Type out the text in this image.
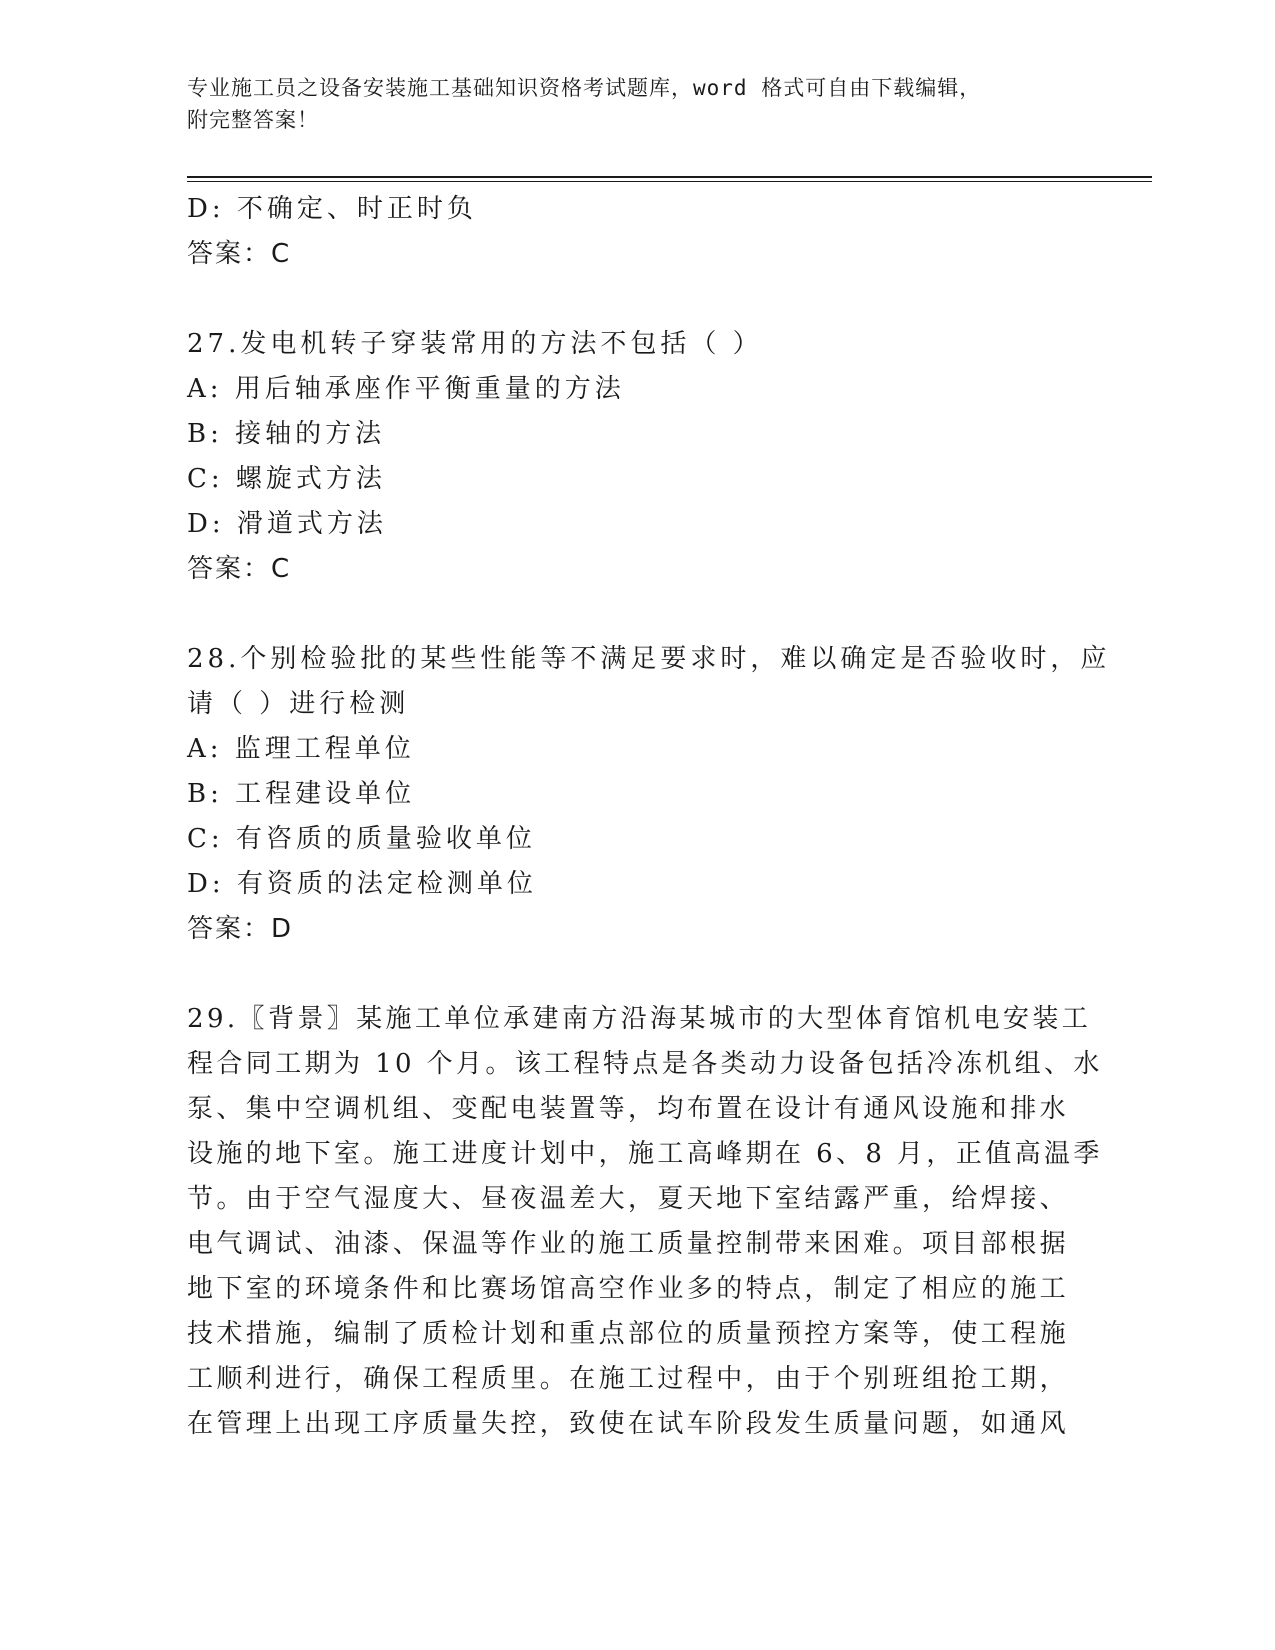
专业施工员之设备安装施工基础知识资格考试题库，word 格式可自由下载编辑，
附完整答案！
D: 不确定、时正时负
答案：C
27.发电机转子穿装常用的方法不包括（ ）
A: 用后轴承座作平衡重量的方法
B: 接轴的方法
C: 螺旋式方法
D: 滑道式方法
答案：C
28.个别检验批的某些性能等不满足要求时，难以确定是否验收时，应
请（ ）进行检测
A: 监理工程单位
B: 工程建设单位
C: 有咨质的质量验收单位
D: 有资质的法定检测单位
答案：D
29.〖背景〗某施工单位承建南方沿海某城市的大型体育馆机电安装工
程合同工期为 10 个月。该工程特点是各类动力设备包括冷冻机组、水
泵、集中空调机组、变配电装置等，均布置在设计有通风设施和排水
设施的地下室。施工进度计划中，施工高峰期在 6、8 月，正值高温季
节。由于空气湿度大、昼夜温差大，夏天地下室结露严重，给焊接、
电气调试、油漆、保温等作业的施工质量控制带来困难。项目部根据
地下室的环境条件和比赛场馆高空作业多的特点，制定了相应的施工
技术措施，编制了质检计划和重点部位的质量预控方案等，使工程施
工顺利进行，确保工程质里。在施工过程中，由于个别班组抢工期，
在管理上出现工序质量失控，致使在试车阶段发生质量问题，如通风
